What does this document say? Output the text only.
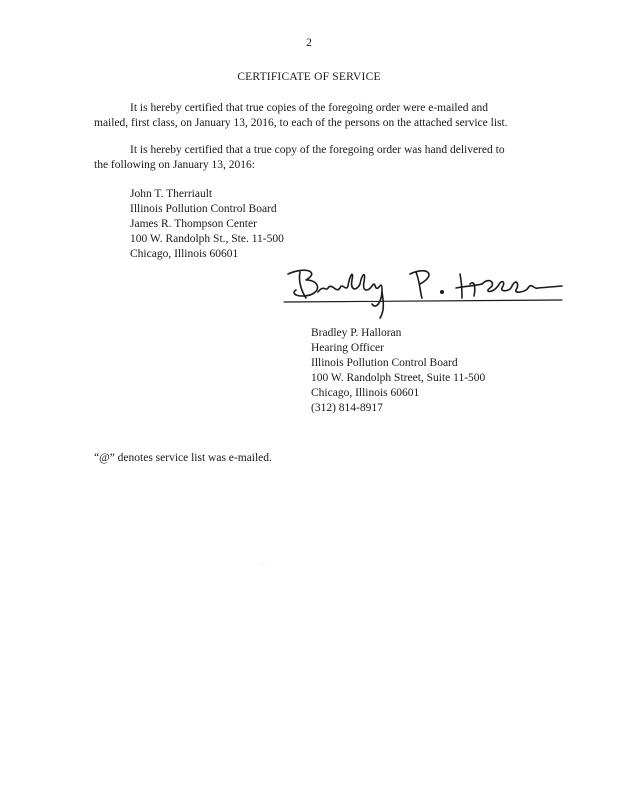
2
CERTIFICATE OF SERVICE
It is hereby certified that true copies of the foregoing order were e-mailed and
mailed, first class, on January 13, 2016, to each of the persons on the attached service list.
It is hereby certified that a true copy of the foregoing order was hand delivered to
the following on January 13, 2016:
John T. Therriault
Illinois Pollution Control Board
James R. Thompson Center
100 W. Randolph St., Ste. 11-500
Chicago, Illinois 60601
Bradley P. Halloran
Hearing Officer
Illinois Pollution Control Board
100 W. Randolph Street, Suite 11-500
Chicago, Illinois 60601
(312) 814-8917
“@” denotes service list was e-mailed.
